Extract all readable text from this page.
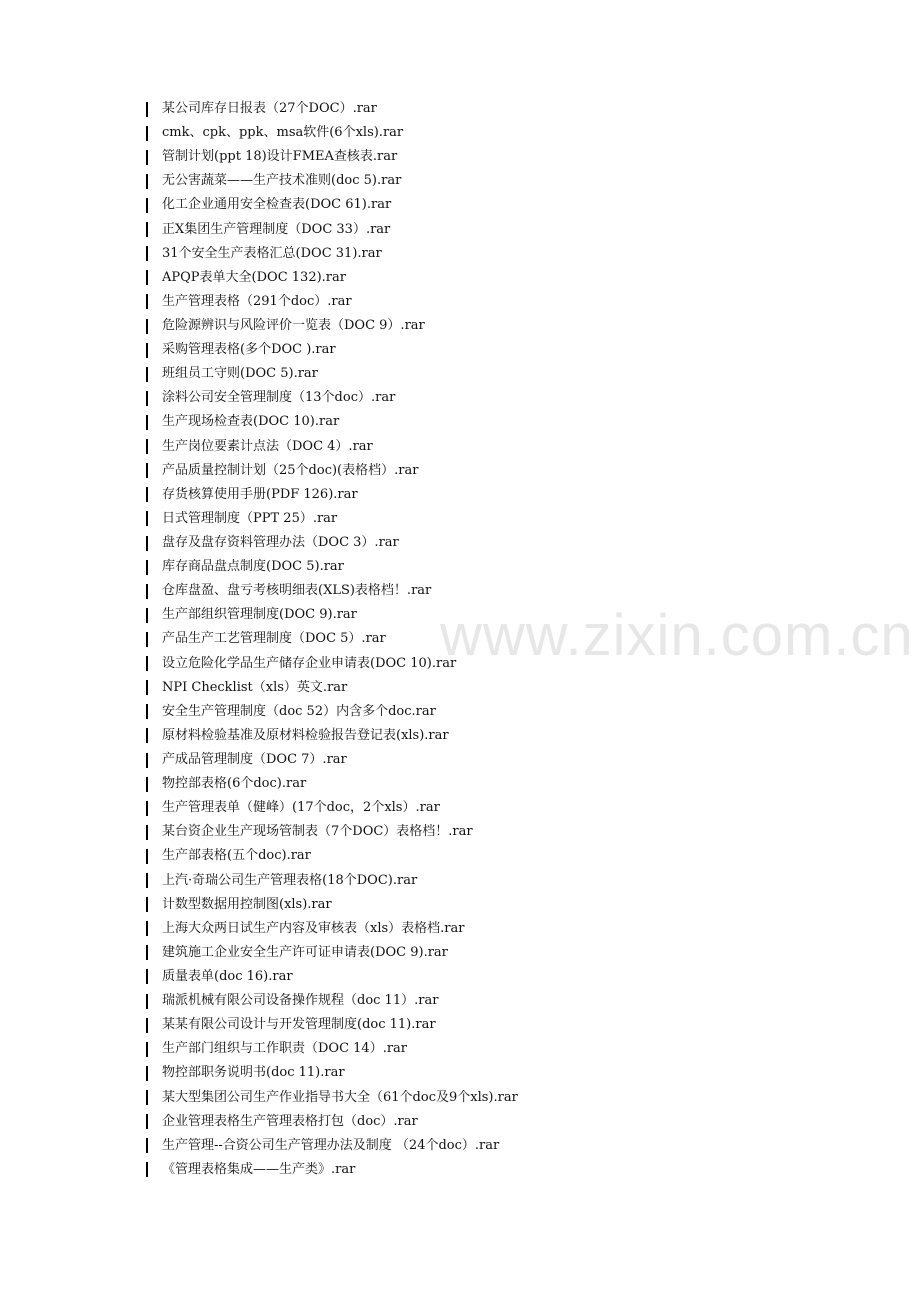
www.zixin.com.cn
某公司库存日报表（27个DOC）.rar
cmk、cpk、ppk、msa软件(6个xls).rar
管制计划(ppt 18)设计FMEA查核表.rar
无公害蔬菜——生产技术准则(doc 5).rar
化工企业通用安全检查表(DOC 61).rar
正X集团生产管理制度（DOC 33）.rar
31个安全生产表格汇总(DOC 31).rar
APQP表单大全(DOC 132).rar
生产管理表格（291个doc）.rar
危险源辨识与风险评价一览表（DOC 9）.rar
采购管理表格(多个DOC ).rar
班组员工守则(DOC 5).rar
涂料公司安全管理制度（13个doc）.rar
生产现场检查表(DOC 10).rar
生产岗位要素计点法（DOC 4）.rar
产品质量控制计划（25个doc)(表格档）.rar
存货核算使用手册(PDF 126).rar
日式管理制度（PPT 25）.rar
盘存及盘存资料管理办法（DOC 3）.rar
库存商品盘点制度(DOC 5).rar
仓库盘盈、盘亏考核明细表(XLS)表格档！.rar
生产部组织管理制度(DOC 9).rar
产品生产工艺管理制度（DOC 5）.rar
设立危险化学品生产储存企业申请表(DOC 10).rar
NPI Checklist（xls）英文.rar
安全生产管理制度（doc 52）内含多个doc.rar
原材料检验基准及原材料检验报告登记表(xls).rar
产成品管理制度（DOC 7）.rar
物控部表格(6个doc).rar
生产管理表单（健峰）(17个doc，2个xls）.rar
某台资企业生产现场管制表（7个DOC）表格档！.rar
生产部表格(五个doc).rar
上汽·奇瑞公司生产管理表格(18个DOC).rar
计数型数据用控制图(xls).rar
上海大众两日试生产内容及审核表（xls）表格档.rar
建筑施工企业安全生产许可证申请表(DOC 9).rar
质量表单(doc 16).rar
瑞派机械有限公司设备操作规程（doc 11）.rar
某某有限公司设计与开发管理制度(doc 11).rar
生产部门组织与工作职责（DOC 14）.rar
物控部职务说明书(doc 11).rar
某大型集团公司生产作业指导书大全（61个doc及9个xls).rar
企业管理表格生产管理表格打包（doc）.rar
生产管理--合资公司生产管理办法及制度 （24个doc）.rar
《管理表格集成——生产类》.rar
